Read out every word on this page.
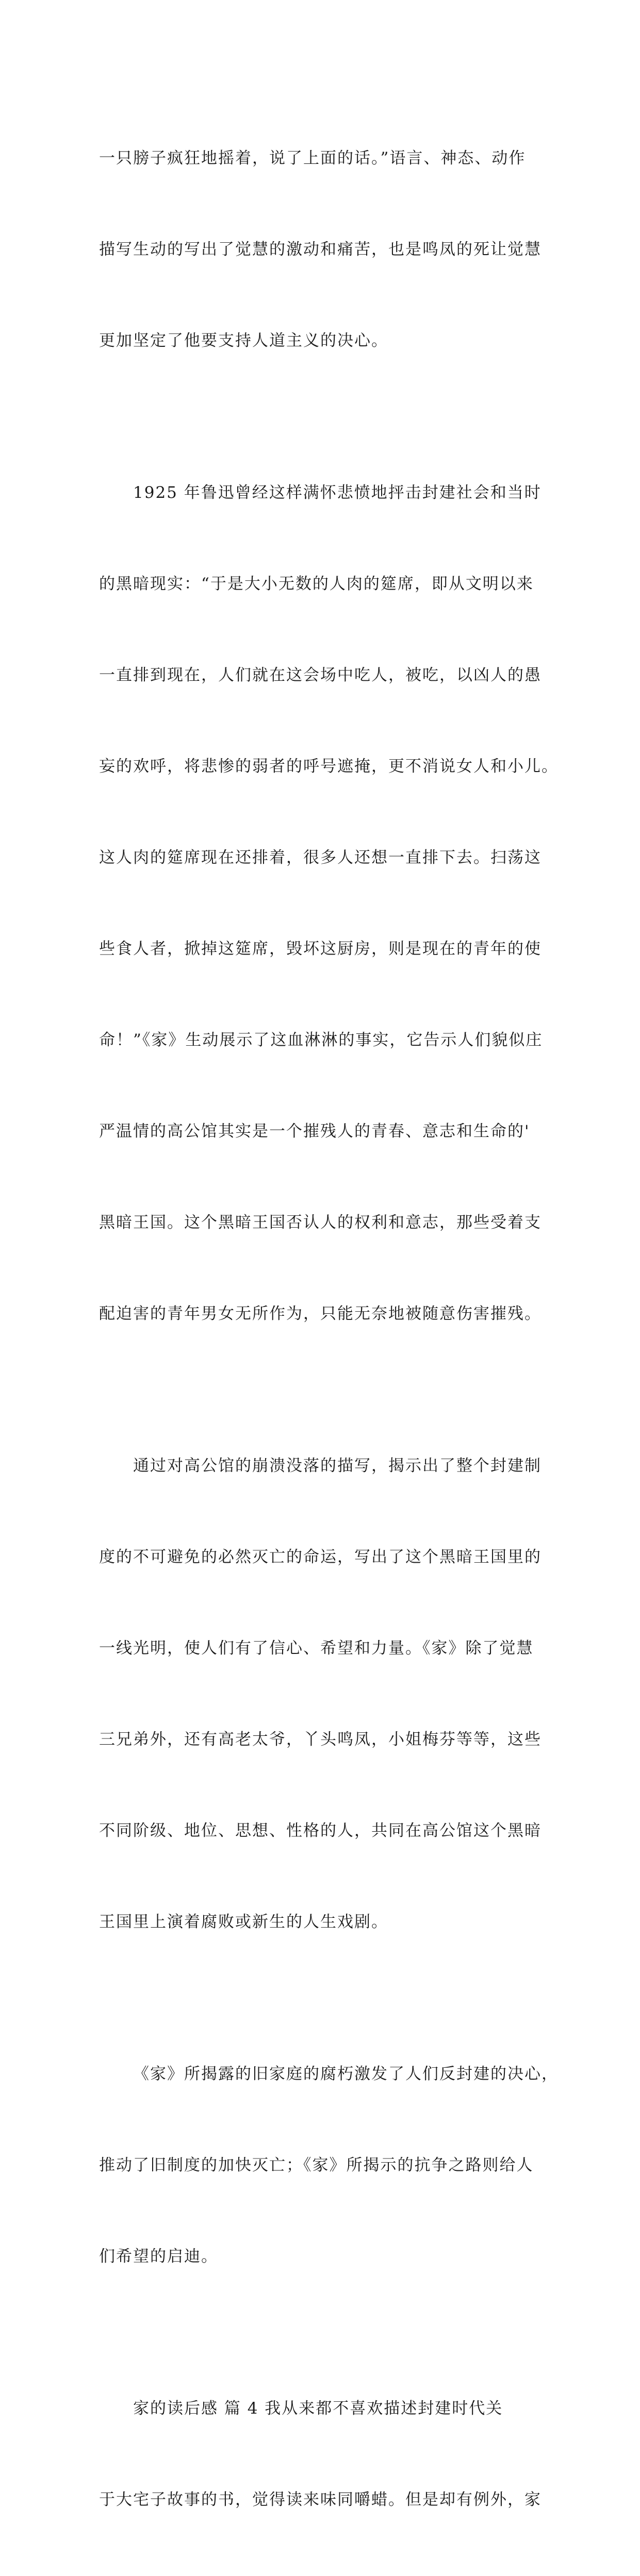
一只膀子疯狂地摇着，说了上面的话。”语言、神态、动作

描写生动的写出了觉慧的激动和痛苦，也是鸣凤的死让觉慧

更加坚定了他要支持人道主义的决心。

1925 年鲁迅曾经这样满怀悲愤地抨击封建社会和当时

的黑暗现实：“于是大小无数的人肉的筵席，即从文明以来

一直排到现在，人们就在这会场中吃人，被吃，以凶人的愚

妄的欢呼，将悲惨的弱者的呼号遮掩，更不消说女人和小儿。

这人肉的筵席现在还排着，很多人还想一直排下去。扫荡这

些食人者，掀掉这筵席，毁坏这厨房，则是现在的青年的使

命！”《家》生动展示了这血淋淋的事实，它告示人们貌似庄

严温情的高公馆其实是一个摧残人的青春、意志和生命的'

黑暗王国。这个黑暗王国否认人的权利和意志，那些受着支

配迫害的青年男女无所作为，只能无奈地被随意伤害摧残。

通过对高公馆的崩溃没落的描写，揭示出了整个封建制

度的不可避免的必然灭亡的命运，写出了这个黑暗王国里的

一线光明，使人们有了信心、希望和力量。《家》除了觉慧

三兄弟外，还有高老太爷，丫头鸣凤，小姐梅芬等等，这些

不同阶级、地位、思想、性格的人，共同在高公馆这个黑暗

王国里上演着腐败或新生的人生戏剧。

《家》所揭露的旧家庭的腐朽激发了人们反封建的决心，

推动了旧制度的加快灭亡；《家》所揭示的抗争之路则给人

们希望的启迪。

家的读后感 篇 4 我从来都不喜欢描述封建时代关

于大宅子故事的书，觉得读来味同嚼蜡。但是却有例外，家
